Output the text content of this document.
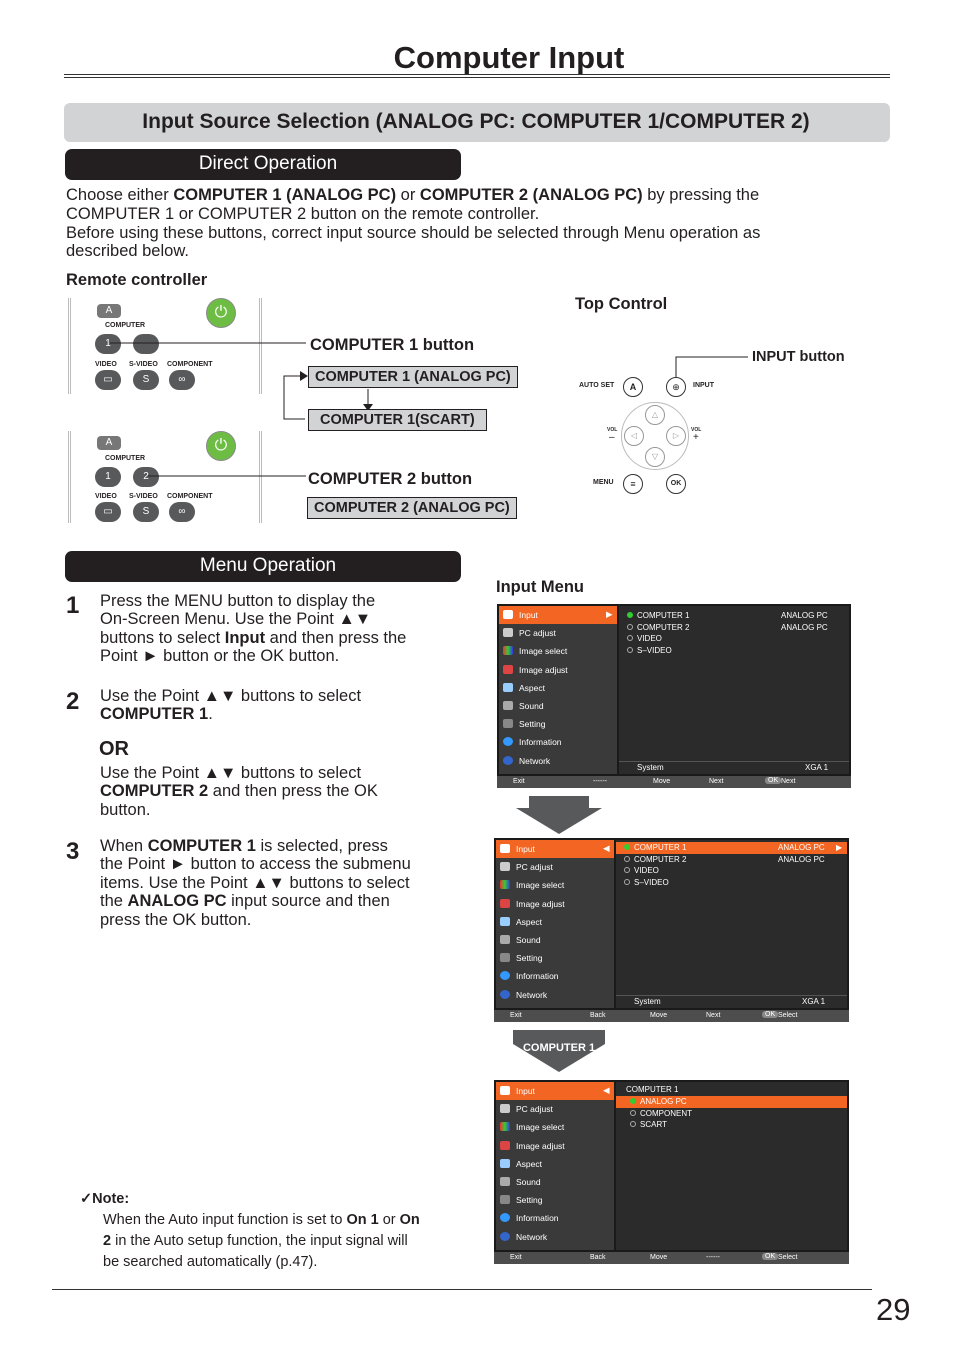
Computer Input
Input Source Selection (ANALOG PC: COMPUTER 1/COMPUTER 2)
Direct Operation
Choose either COMPUTER 1 (ANALOG PC) or COMPUTER 2 (ANALOG PC) by pressing the
COMPUTER 1 or COMPUTER 2 button on the remote controller.
Before using these buttons, correct input source should be selected through Menu operation as
described below.
Remote controller
Top Control
A
COMPUTER
1
⏻
VIDEO S-VIDEO COMPONENT
▭	S	∞
A
COMPUTER
1	2
⏻
VIDEO S-VIDEO COMPONENT
▭	S	∞
COMPUTER 1 button
COMPUTER 1 (ANALOG PC)
COMPUTER 1(SCART)
COMPUTER 2 button
COMPUTER 2 (ANALOG PC)
INPUT button
AUTO SET	A	⊕	INPUT
△
◁	▷
▽
VOL
–
VOL
+
MENU	≡	OK
Menu Operation
Input Menu
1 Press the MENU button to display the
On-Screen Menu. Use the Point ▲▼
buttons to select Input and then press the
Point ► button or the OK button.
2 Use the Point ▲▼ buttons to select
COMPUTER 1.
OR
Use the Point ▲▼ buttons to select
COMPUTER 2 and then press the OK
button.
3 When COMPUTER 1 is selected, press
the Point ► button to access the submenu
items. Use the Point ▲▼ buttons to select
the ANALOG PC input source and then
press the OK button.
Input	▶
PC adjust
Image select
Image adjust
Aspect
Sound
Setting
Information
Network
COMPUTER 1	ANALOG PC
COMPUTER 2	ANALOG PC
VIDEO
S–VIDEO
System	XGA 1
Exit	------	Move	Next	OK Next
Input	◀
PC adjust
Image select
Image adjust
Aspect
Sound
Setting
Information
Network
COMPUTER 1	ANALOG PC ▶
COMPUTER 2	ANALOG PC
VIDEO
S–VIDEO
System	XGA 1
Exit	Back	Move	Next	OK Select
COMPUTER 1
Input	◀
PC adjust
Image select
Image adjust
Aspect
Sound
Setting
Information
Network
COMPUTER 1
ANALOG PC
COMPONENT
SCART
Exit	Back	Move	------	OK Select
✓Note:
When the Auto input function is set to On 1 or On
2 in the Auto setup function, the input signal will
be searched automatically (p.47).
29
